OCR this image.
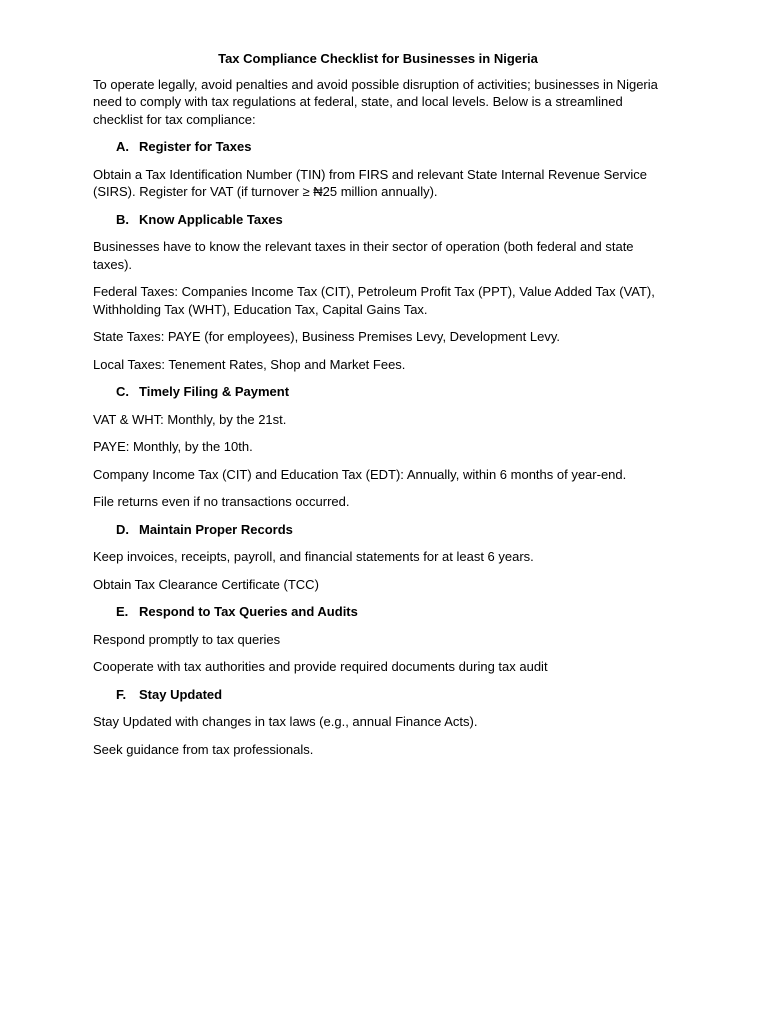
Tax Compliance Checklist for Businesses in Nigeria

To operate legally, avoid penalties and avoid possible disruption of activities; businesses in Nigeria need to comply with tax regulations at federal, state, and local levels. Below is a streamlined checklist for tax compliance:

A. Register for Taxes

Obtain a Tax Identification Number (TIN) from FIRS and relevant State Internal Revenue Service (SIRS). Register for VAT (if turnover ≥ ₦25 million annually).

B. Know Applicable Taxes

Businesses have to know the relevant taxes in their sector of operation (both federal and state taxes).

Federal Taxes: Companies Income Tax (CIT), Petroleum Profit Tax (PPT), Value Added Tax (VAT), Withholding Tax (WHT), Education Tax, Capital Gains Tax.

State Taxes: PAYE (for employees), Business Premises Levy, Development Levy.

Local Taxes: Tenement Rates, Shop and Market Fees.

C. Timely Filing & Payment

VAT & WHT: Monthly, by the 21st.

PAYE: Monthly, by the 10th.

Company Income Tax (CIT) and Education Tax (EDT): Annually, within 6 months of year-end.

File returns even if no transactions occurred.

D. Maintain Proper Records

Keep invoices, receipts, payroll, and financial statements for at least 6 years.

Obtain Tax Clearance Certificate (TCC)

E. Respond to Tax Queries and Audits

Respond promptly to tax queries

Cooperate with tax authorities and provide required documents during tax audit

F. Stay Updated

Stay Updated with changes in tax laws (e.g., annual Finance Acts).

Seek guidance from tax professionals.
